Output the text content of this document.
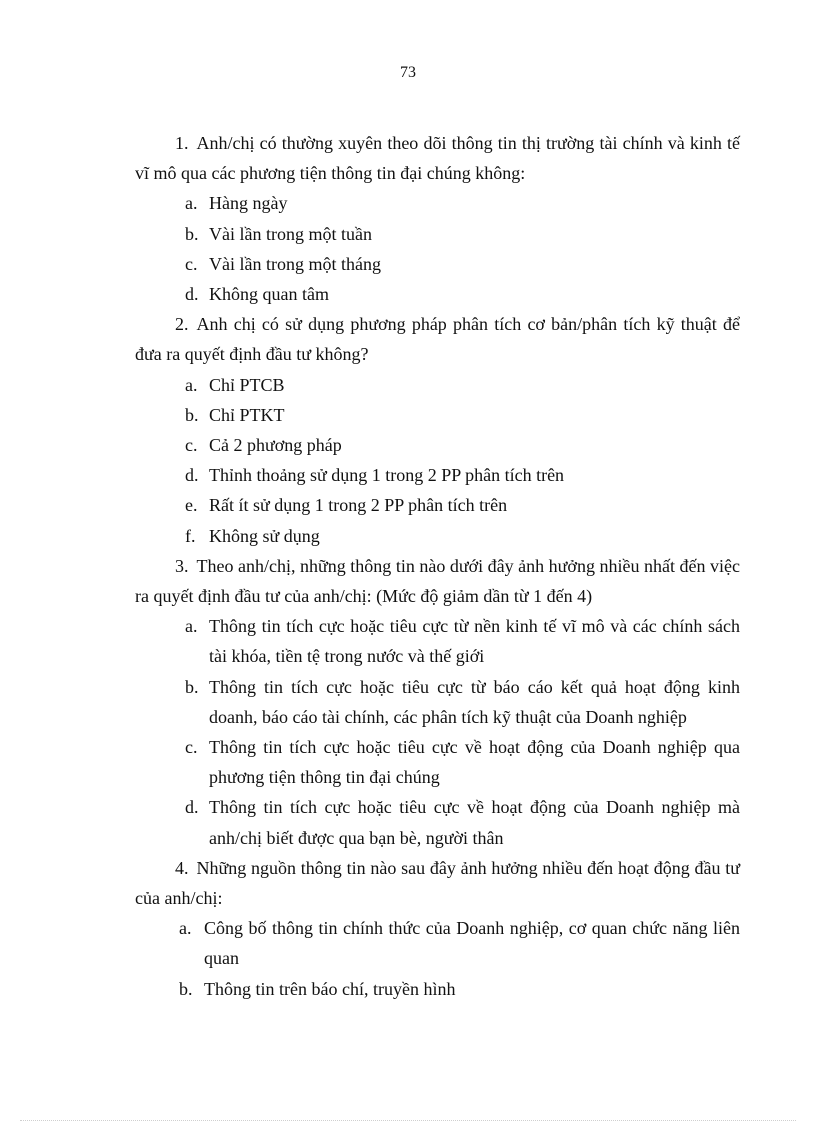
73

1. Anh/chị có thường xuyên theo dõi thông tin thị trường tài chính và kinh tế vĩ mô qua các phương tiện thông tin đại chúng không:

a. Hàng ngày
b. Vài lần trong một tuần
c. Vài lần trong một tháng
d. Không quan tâm

2. Anh chị có sử dụng phương pháp phân tích cơ bản/phân tích kỹ thuật để đưa ra quyết định đầu tư không?

a. Chỉ PTCB
b. Chỉ PTKT
c. Cả 2 phương pháp
d. Thỉnh thoảng sử dụng 1 trong 2 PP phân tích trên
e. Rất ít sử dụng 1 trong 2 PP phân tích trên
f. Không sử dụng

3. Theo anh/chị, những thông tin nào dưới đây ảnh hưởng nhiều nhất đến việc ra quyết định đầu tư của anh/chị: (Mức độ giảm dần từ 1 đến 4)

a. Thông tin tích cực hoặc tiêu cực từ nền kinh tế vĩ mô và các chính sách tài khóa, tiền tệ trong nước và thế giới
b. Thông tin tích cực hoặc tiêu cực từ báo cáo kết quả hoạt động kinh doanh, báo cáo tài chính, các phân tích kỹ thuật của Doanh nghiệp
c. Thông tin tích cực hoặc tiêu cực về hoạt động của Doanh nghiệp qua phương tiện thông tin đại chúng
d. Thông tin tích cực hoặc tiêu cực về hoạt động của Doanh nghiệp mà anh/chị biết được qua bạn bè, người thân

4. Những nguồn thông tin nào sau đây ảnh hưởng nhiều đến hoạt động đầu tư của anh/chị:

a. Công bố thông tin chính thức của Doanh nghiệp, cơ quan chức năng liên quan
b. Thông tin trên báo chí, truyền hình
